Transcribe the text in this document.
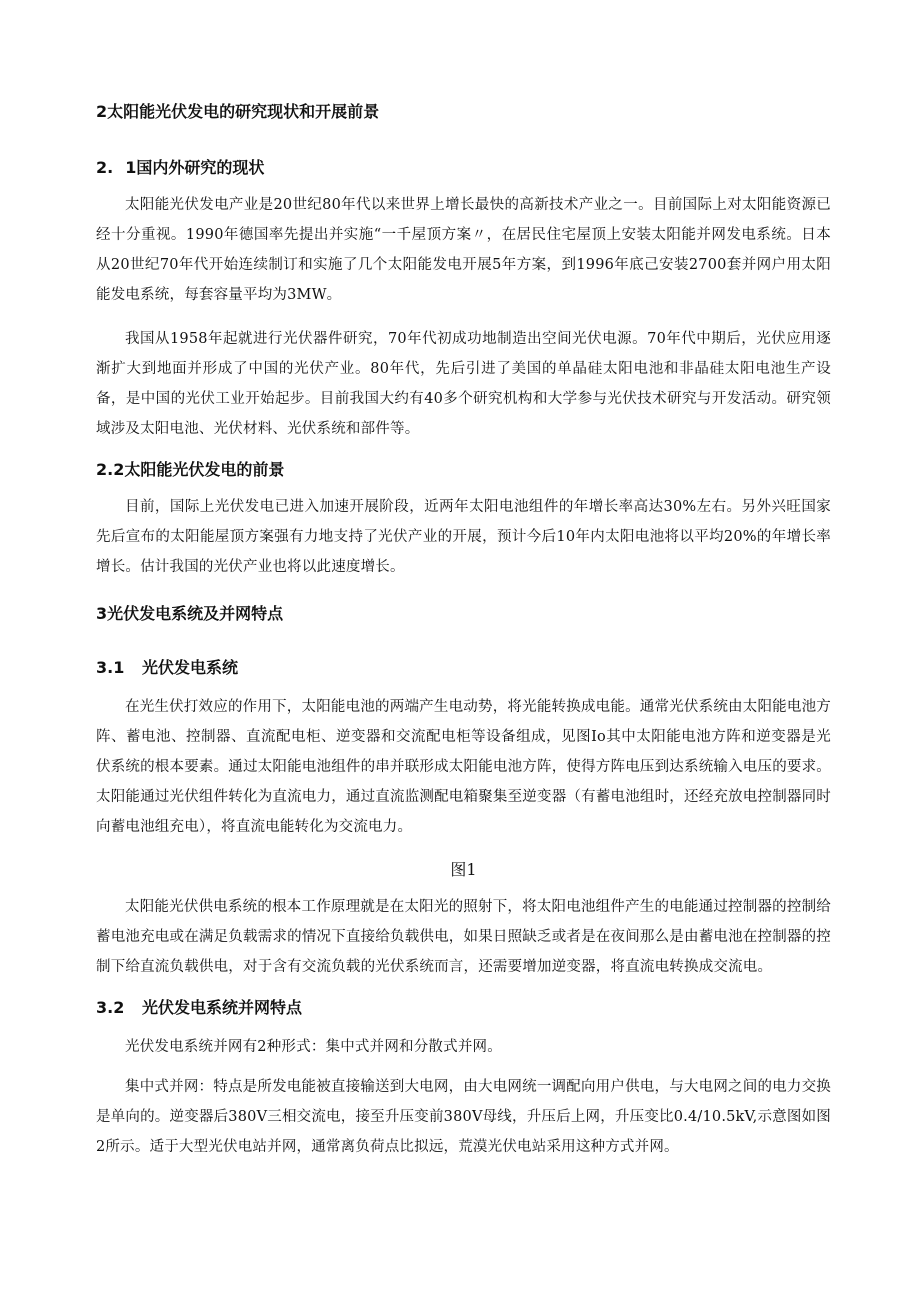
2太阳能光伏发电的研究现状和开展前景
2. 1国内外研究的现状

太阳能光伏发电产业是20世纪80年代以来世界上增长最快的高新技术产业之一。目前国际上对太阳能资源已经十分重视。1990年德国率先提出并实施“一千屋顶方案〃，在居民住宅屋顶上安装太阳能并网发电系统。日本从20世纪70年代开始连续制订和实施了几个太阳能发电开展5年方案，到1996年底己安装2700套并网户用太阳能发电系统，每套容量平均为3MW。

我国从1958年起就进行光伏器件研究，70年代初成功地制造出空间光伏电源。70年代中期后，光伏应用逐渐扩大到地面并形成了中国的光伏产业。80年代，先后引进了美国的单晶硅太阳电池和非晶硅太阳电池生产设备，是中国的光伏工业开始起步。目前我国大约有40多个研究机构和大学参与光伏技术研究与开发活动。研究领域涉及太阳电池、光伏材料、光伏系统和部件等。

2.2太阳能光伏发电的前景

目前，国际上光伏发电已进入加速开展阶段，近两年太阳电池组件的年增长率高达30%左右。另外兴旺国家先后宣布的太阳能屋顶方案强有力地支持了光伏产业的开展，预计今后10年内太阳电池将以平均20%的年增长率增长。估计我国的光伏产业也将以此速度增长。

3光伏发电系统及并网特点
3.1 光伏发电系统

在光生伏打效应的作用下，太阳能电池的两端产生电动势，将光能转换成电能。通常光伏系统由太阳能电池方阵、蓄电池、控制器、直流配电柜、逆变器和交流配电柜等设备组成，见图Io其中太阳能电池方阵和逆变器是光伏系统的根本要素。通过太阳能电池组件的串并联形成太阳能电池方阵，使得方阵电压到达系统输入电压的要求。太阳能通过光伏组件转化为直流电力，通过直流监测配电箱聚集至逆变器（有蓄电池组时，还经充放电控制器同时向蓄电池组充电），将直流电能转化为交流电力。

图1

太阳能光伏供电系统的根本工作原理就是在太阳光的照射下，将太阳电池组件产生的电能通过控制器的控制给蓄电池充电或在满足负载需求的情况下直接给负载供电，如果日照缺乏或者是在夜间那么是由蓄电池在控制器的控制下给直流负载供电，对于含有交流负载的光伏系统而言，还需要增加逆变器，将直流电转换成交流电。

3.2 光伏发电系统并网特点

光伏发电系统并网有2种形式：集中式并网和分散式并网。

集中式并网：特点是所发电能被直接输送到大电网，由大电网统一调配向用户供电，与大电网之间的电力交换是单向的。逆变器后380V三相交流电，接至升压变前380V母线，升压后上网，升压变比0.4/10.5kV,示意图如图2所示。适于大型光伏电站并网，通常离负荷点比拟远，荒漠光伏电站采用这种方式并网。
